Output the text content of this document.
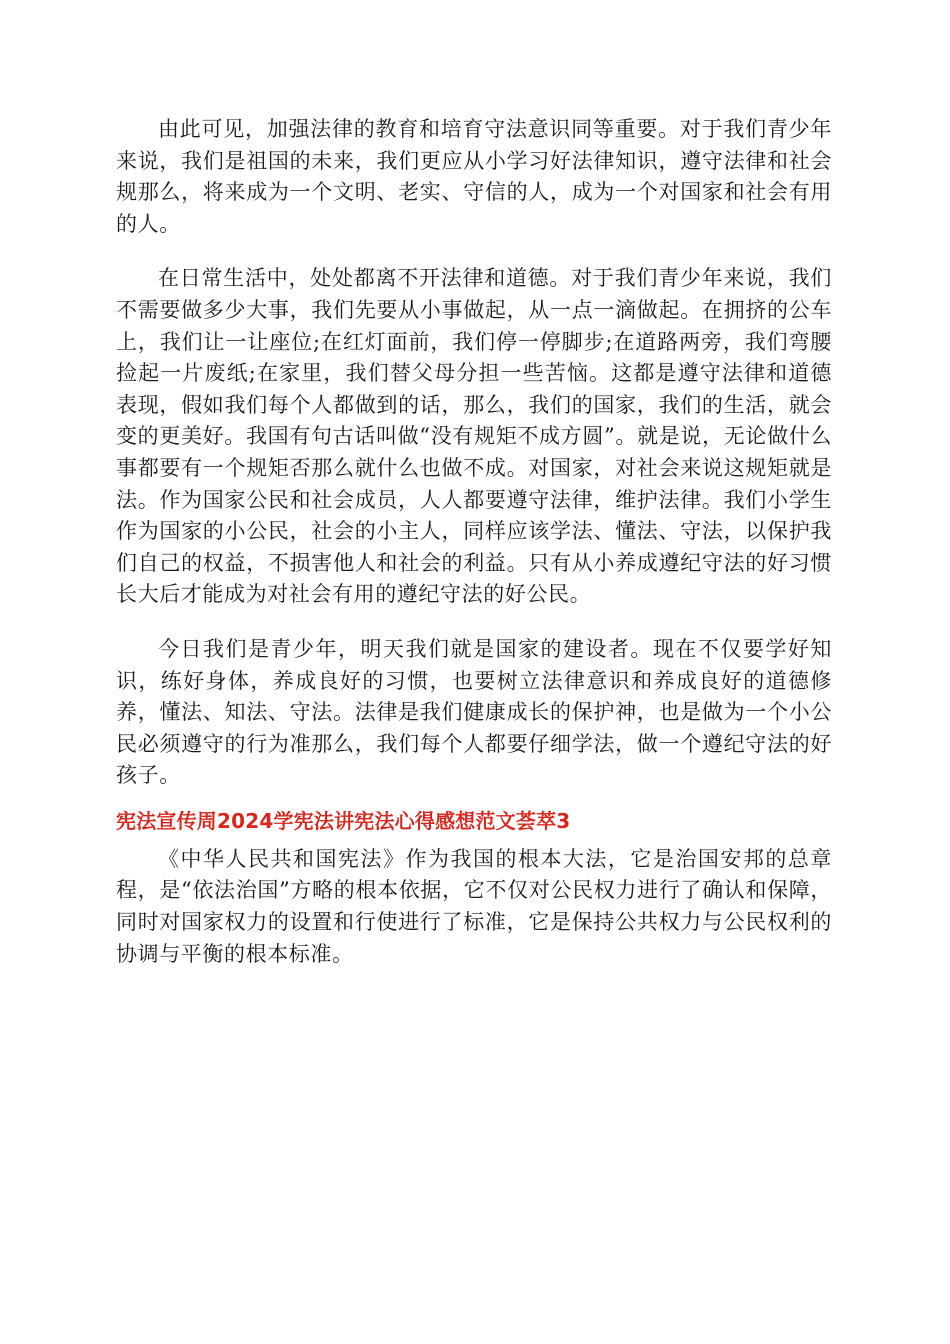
由此可见，加强法律的教育和培育守法意识同等重要。对于我们青少年来说，我们是祖国的未来，我们更应从小学习好法律知识，遵守法律和社会规那么，将来成为一个文明、老实、守信的人，成为一个对国家和社会有用的人。

在日常生活中，处处都离不开法律和道德。对于我们青少年来说，我们不需要做多少大事，我们先要从小事做起，从一点一滴做起。在拥挤的公车上，我们让一让座位;在红灯面前，我们停一停脚步;在道路两旁，我们弯腰捡起一片废纸;在家里，我们替父母分担一些苦恼。这都是遵守法律和道德表现，假如我们每个人都做到的话，那么，我们的国家，我们的生活，就会变的更美好。我国有句古话叫做“没有规矩不成方圆”。就是说，无论做什么事都要有一个规矩否那么就什么也做不成。对国家，对社会来说这规矩就是法。作为国家公民和社会成员，人人都要遵守法律，维护法律。我们小学生作为国家的小公民，社会的小主人，同样应该学法、懂法、守法，以保护我们自己的权益，不损害他人和社会的利益。只有从小养成遵纪守法的好习惯长大后才能成为对社会有用的遵纪守法的好公民。

今日我们是青少年，明天我们就是国家的建设者。现在不仅要学好知识，练好身体，养成良好的习惯，也要树立法律意识和养成良好的道德修养，懂法、知法、守法。法律是我们健康成长的保护神，也是做为一个小公民必须遵守的行为准那么，我们每个人都要仔细学法，做一个遵纪守法的好孩子。

宪法宣传周2024学宪法讲宪法心得感想范文荟萃3

《中华人民共和国宪法》作为我国的根本大法，它是治国安邦的总章程，是“依法治国”方略的根本依据，它不仅对公民权力进行了确认和保障，同时对国家权力的设置和行使进行了标准，它是保持公共权力与公民权利的协调与平衡的根本标准。
